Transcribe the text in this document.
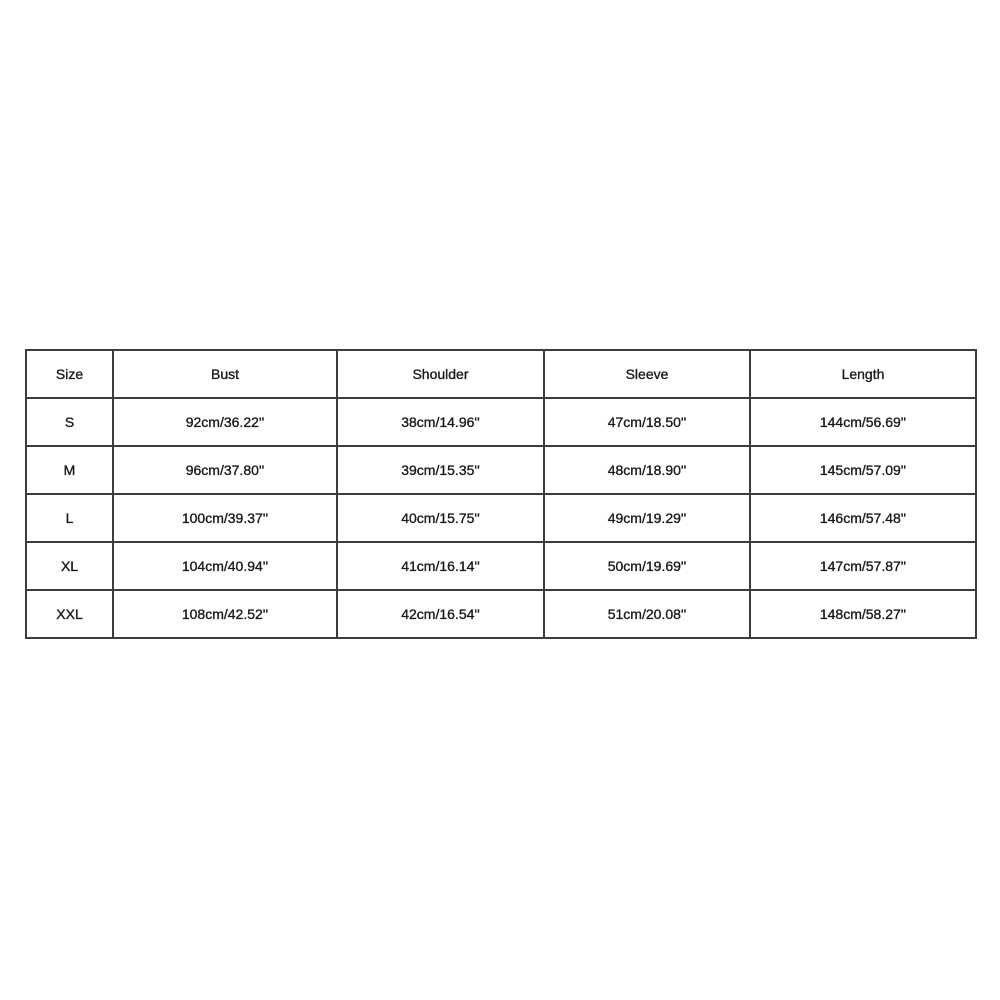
Size	Bust	Shoulder	Sleeve	Length
S	92cm/36.22''	38cm/14.96''	47cm/18.50''	144cm/56.69''
M	96cm/37.80''	39cm/15.35''	48cm/18.90''	145cm/57.09''
L	100cm/39.37''	40cm/15.75''	49cm/19.29''	146cm/57.48''
XL	104cm/40.94''	41cm/16.14''	50cm/19.69''	147cm/57.87''
XXL	108cm/42.52''	42cm/16.54''	51cm/20.08''	148cm/58.27''
